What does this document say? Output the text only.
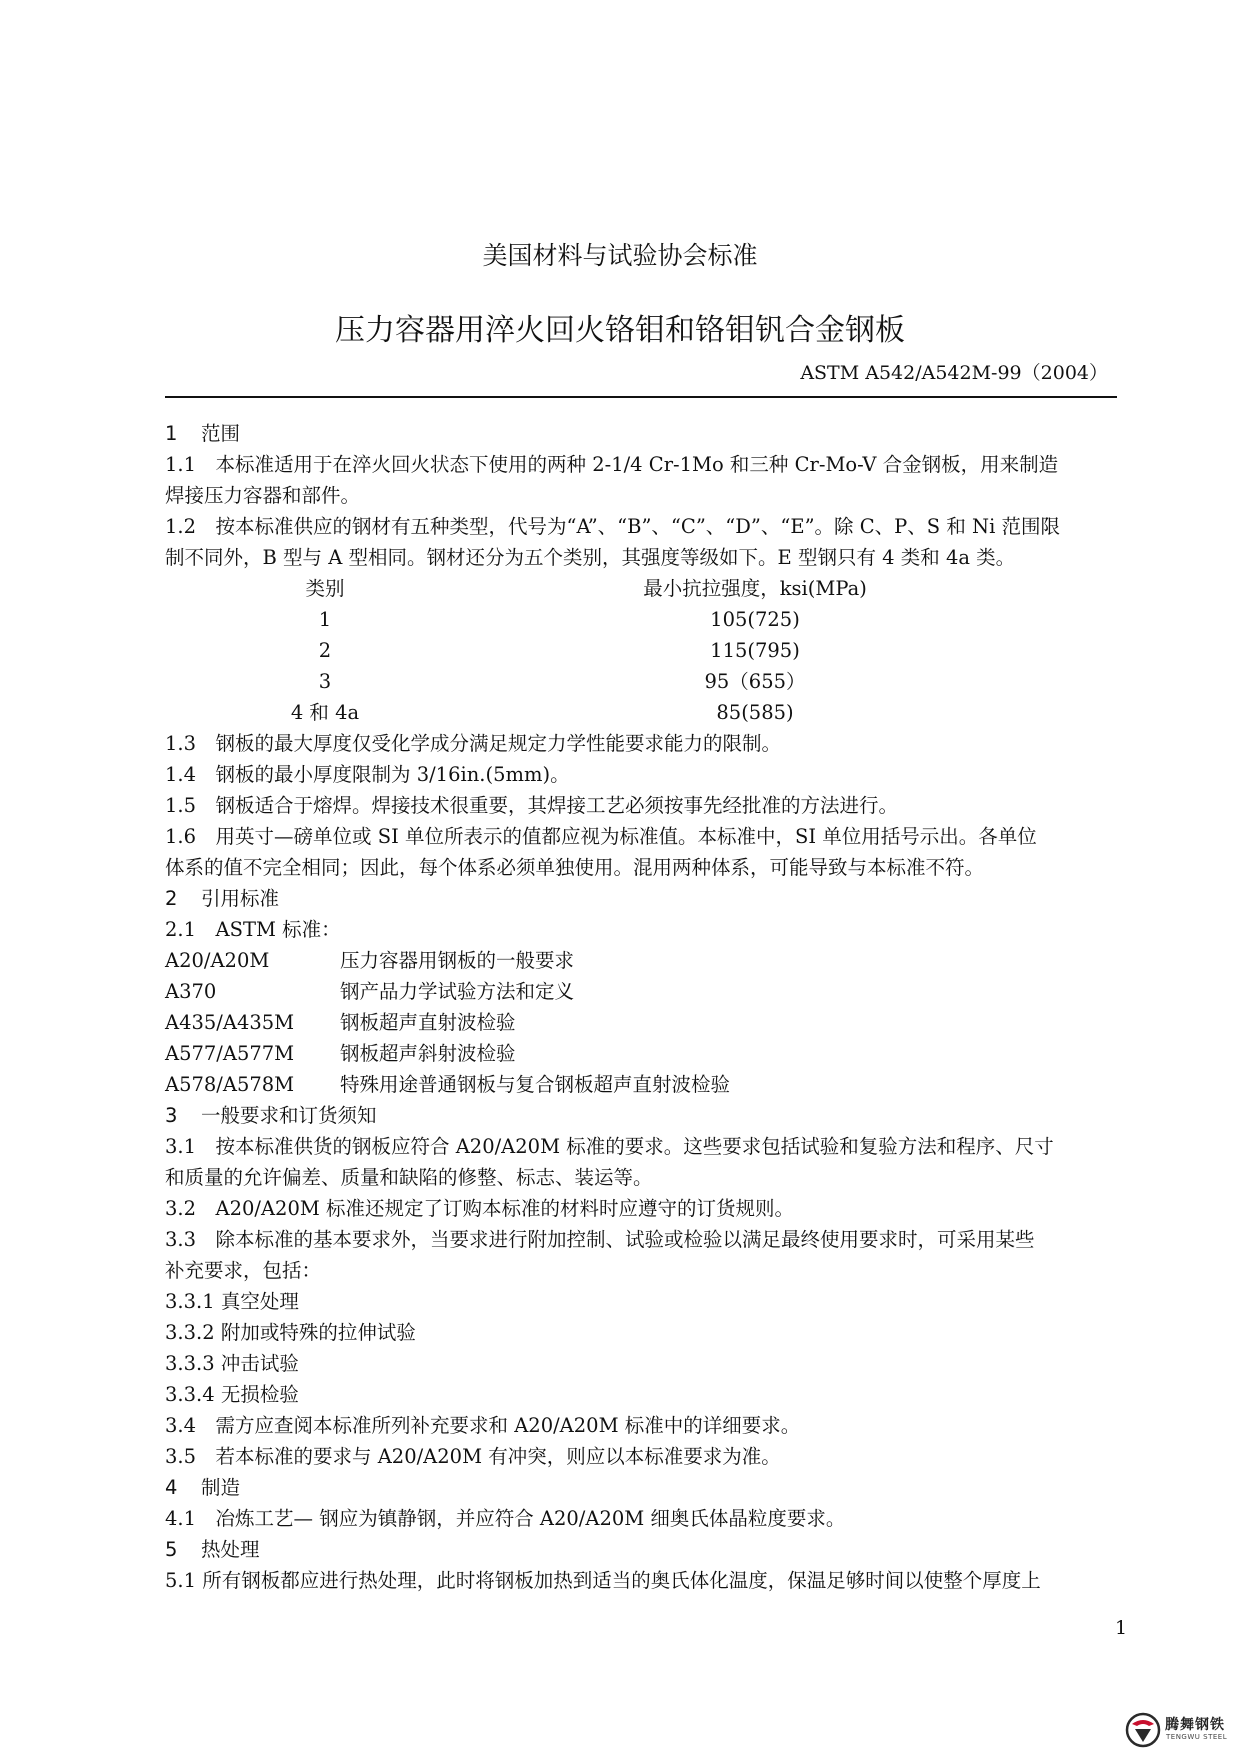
美国材料与试验协会标准
压力容器用淬火回火铬钼和铬钼钒合金钢板
ASTM A542/A542M-99（2004）
1 范围
1.1　本标准适用于在淬火回火状态下使用的两种 2-1/4 Cr-1Mo 和三种 Cr-Mo-V 合金钢板，用来制造
焊接压力容器和部件。
1.2　按本标准供应的钢材有五种类型，代号为“A”、“B”、“C”、“D”、“E”。除 C、P、S 和 Ni 范围限
制不同外，B 型与 A 型相同。钢材还分为五个类别，其强度等级如下。E 型钢只有 4 类和 4a 类。
类别	最小抗拉强度，ksi(MPa)
1	105(725)
2	115(795)
3	95（655）
4 和 4a	85(585)
1.3　钢板的最大厚度仅受化学成分满足规定力学性能要求能力的限制。
1.4　钢板的最小厚度限制为 3/16in.(5mm)。
1.5　钢板适合于熔焊。焊接技术很重要，其焊接工艺必须按事先经批准的方法进行。
1.6　用英寸—磅单位或 SI 单位所表示的值都应视为标准值。本标准中，SI 单位用括号示出。各单位
体系的值不完全相同；因此，每个体系必须单独使用。混用两种体系，可能导致与本标准不符。
2 引用标准
2.1　ASTM 标准：
A20/A20M	压力容器用钢板的一般要求
A370	钢产品力学试验方法和定义
A435/A435M 钢板超声直射波检验
A577/A577M 钢板超声斜射波检验
A578/A578M 特殊用途普通钢板与复合钢板超声直射波检验
3 一般要求和订货须知
3.1　按本标准供货的钢板应符合 A20/A20M 标准的要求。这些要求包括试验和复验方法和程序、尺寸
和质量的允许偏差、质量和缺陷的修整、标志、装运等。
3.2　A20/A20M 标准还规定了订购本标准的材料时应遵守的订货规则。
3.3　除本标准的基本要求外，当要求进行附加控制、试验或检验以满足最终使用要求时，可采用某些
补充要求，包括：
3.3.1 真空处理
3.3.2 附加或特殊的拉伸试验
3.3.3 冲击试验
3.3.4 无损检验
3.4　需方应查阅本标准所列补充要求和 A20/A20M 标准中的详细要求。
3.5　若本标准的要求与 A20/A20M 有冲突，则应以本标准要求为准。
4 制造
4.1　冶炼工艺— 钢应为镇静钢，并应符合 A20/A20M 细奥氏体晶粒度要求。
5 热处理
5.1 所有钢板都应进行热处理，此时将钢板加热到适当的奥氏体化温度，保温足够时间以使整个厚度上
1
腾舞钢铁
TENGWU STEEL
